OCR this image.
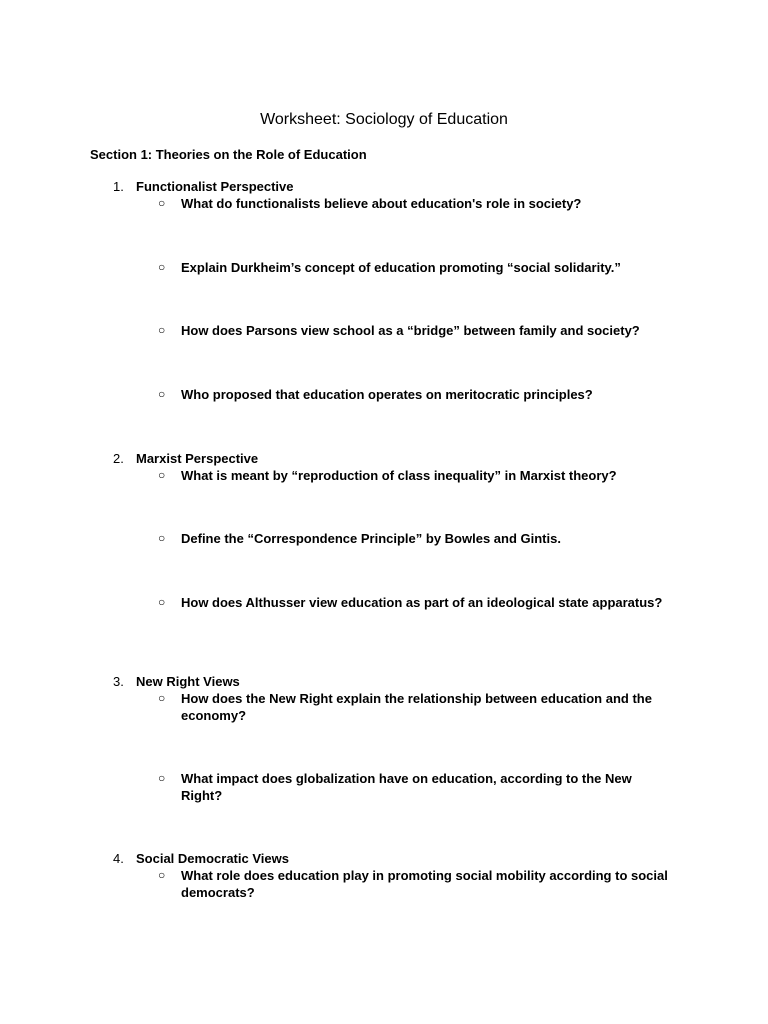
Worksheet: Sociology of Education
Section 1: Theories on the Role of Education
1. Functionalist Perspective
○ What do functionalists believe about education's role in society?
○ Explain Durkheim’s concept of education promoting “social solidarity.”
○ How does Parsons view school as a “bridge” between family and society?
○ Who proposed that education operates on meritocratic principles?
2. Marxist Perspective
○ What is meant by “reproduction of class inequality” in Marxist theory?
○ Define the “Correspondence Principle” by Bowles and Gintis.
○ How does Althusser view education as part of an ideological state apparatus?
3. New Right Views
○ How does the New Right explain the relationship between education and the economy?
○ What impact does globalization have on education, according to the New Right?
4. Social Democratic Views
○ What role does education play in promoting social mobility according to social democrats?
